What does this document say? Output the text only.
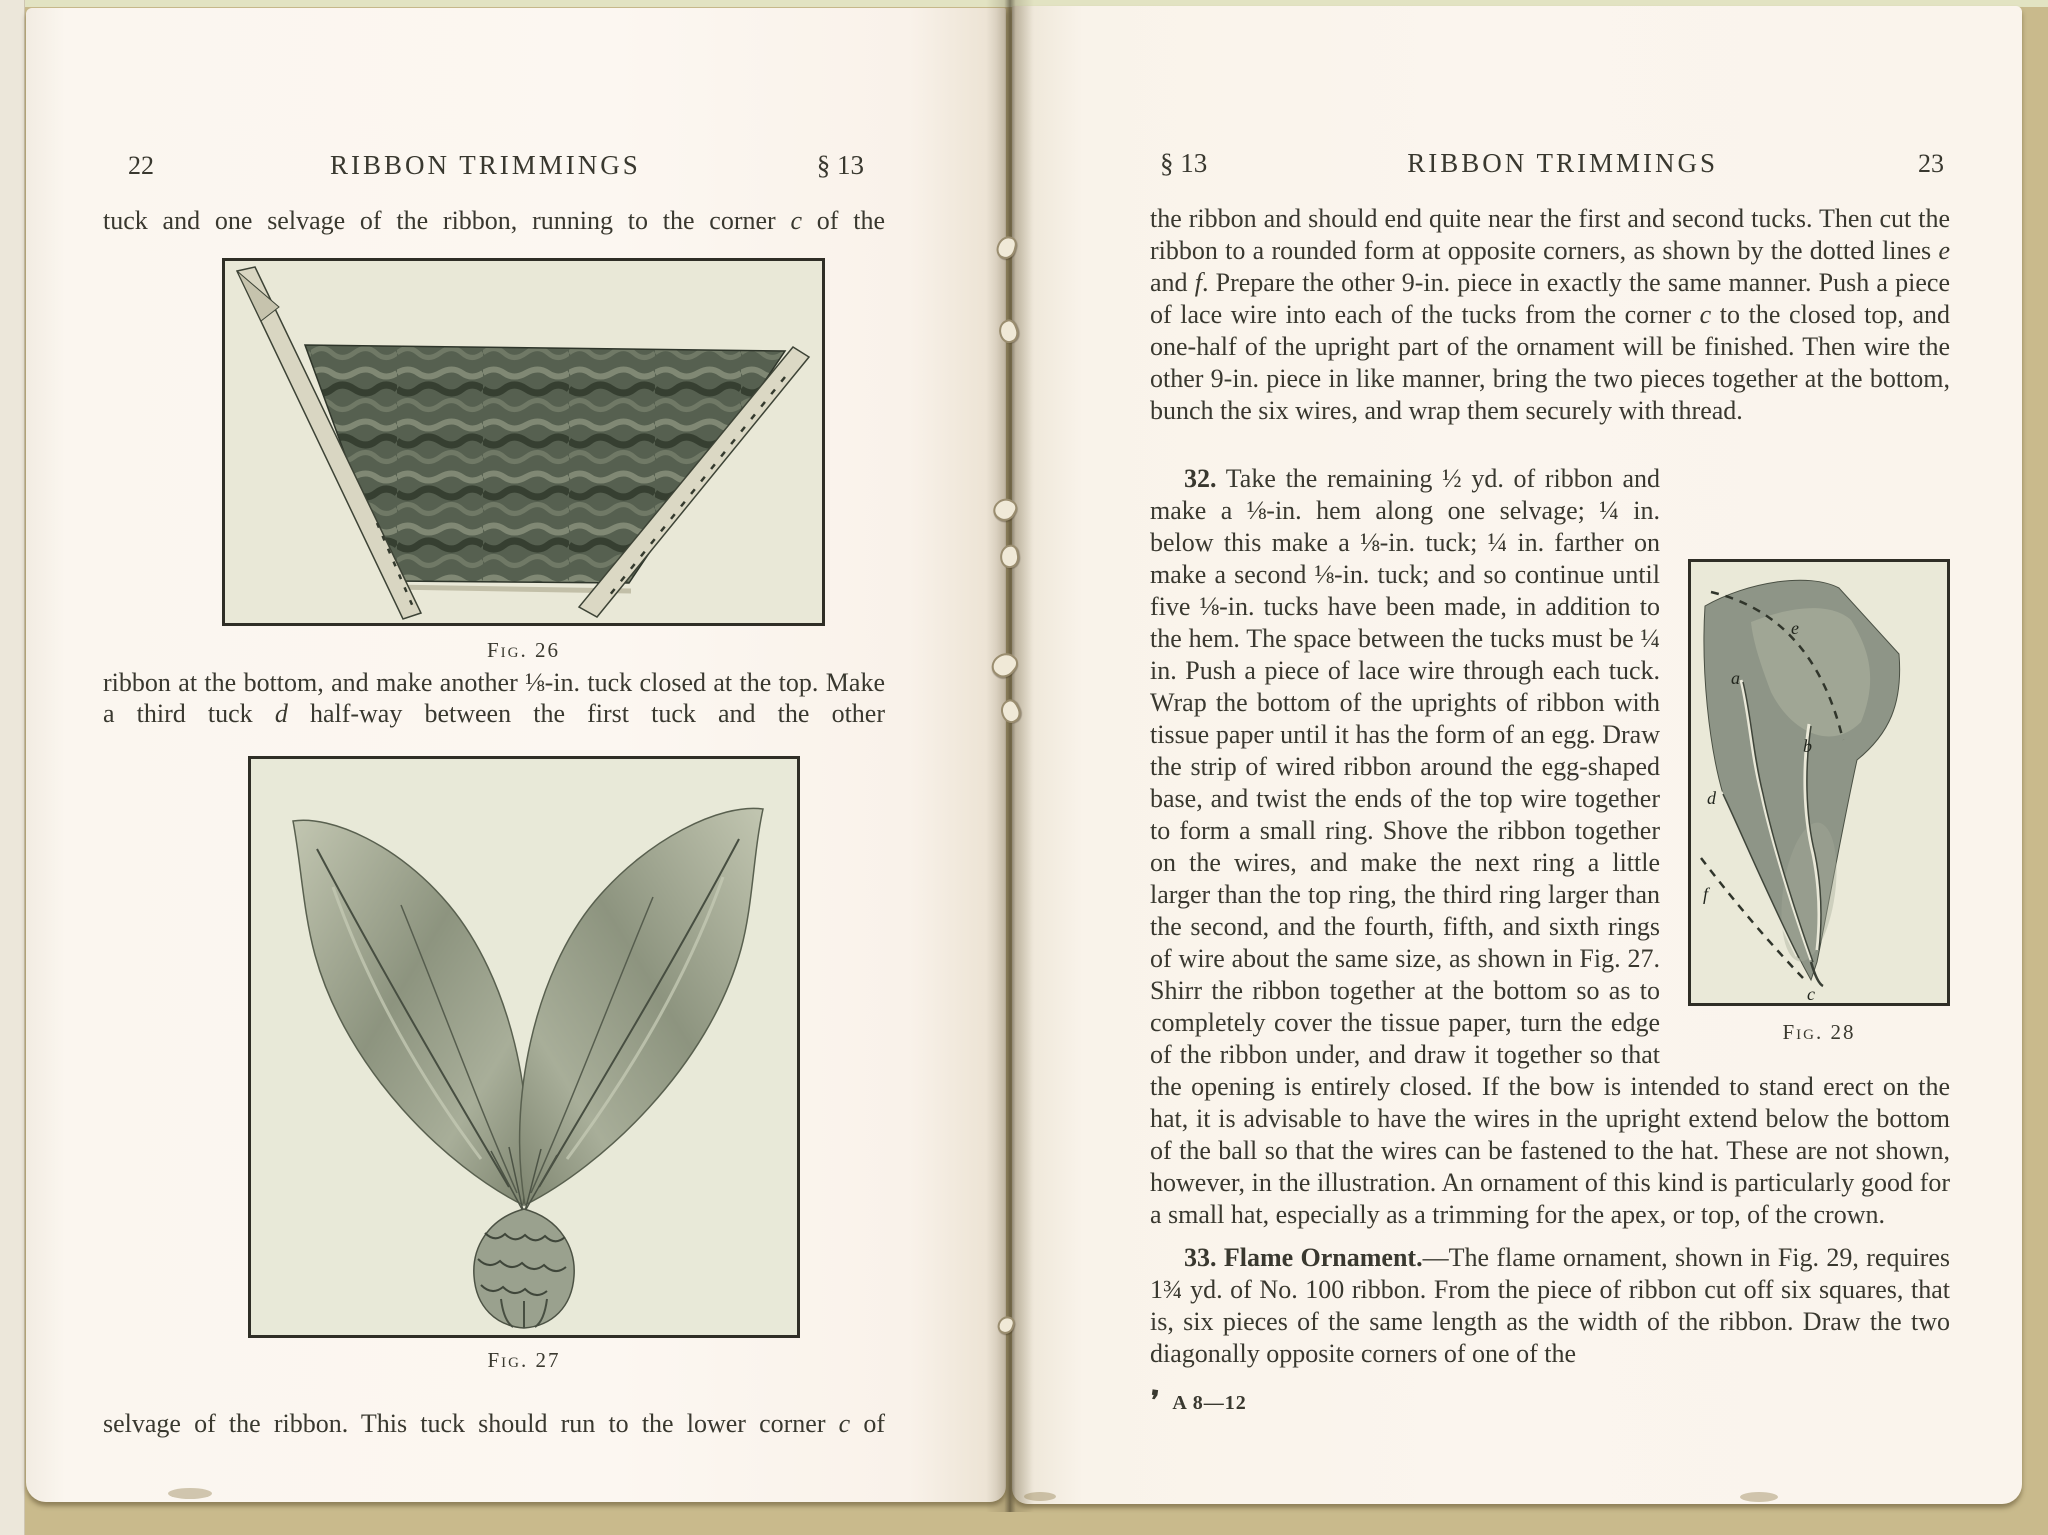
22	RIBBON TRIMMINGS	§ 13
tuck and one selvage of the ribbon, running to the corner c of the
Fig. 26
ribbon at the bottom, and make another ⅛-in. tuck closed at the top. Make a third tuck d half-way between the first tuck and the other
Fig. 27
selvage of the ribbon. This tuck should run to the lower corner c of
§ 13	RIBBON TRIMMINGS	23

the ribbon and should end quite near the first and second tucks. Then cut the ribbon to a rounded form at opposite corners, as shown by the dotted lines e and f. Prepare the other 9-in. piece in exactly the same manner. Push a piece of lace wire into each of the tucks from the corner c to the closed top, and one-half of the upright part of the ornament will be finished. Then wire the other 9-in. piece in like manner, bring the two pieces together at the bottom, bunch the six wires, and wrap them securely with thread.

e
a
b
d
f
c
Fig. 28

32. Take the remaining ½ yd. of ribbon and make a ⅛-in. hem along one selvage; ¼ in. below this make a ⅛-in. tuck; ¼ in. farther on make a second ⅛-in. tuck; and so continue until five ⅛-in. tucks have been made, in addition to the hem. The space between the tucks must be ¼ in. Push a piece of lace wire through each tuck. Wrap the bottom of the uprights of ribbon with tissue paper until it has the form of an egg. Draw the strip of wired ribbon around the egg-shaped base, and twist the ends of the top wire together to form a small ring. Shove the ribbon together on the wires, and make the next ring a little larger than the top ring, the third ring larger than the second, and the fourth, fifth, and sixth rings of wire about the same size, as shown in Fig. 27. Shirr the ribbon together at the bottom so as to completely cover the tissue paper, turn the edge of the ribbon under, and draw it together so that the opening is entirely closed. If the bow is intended to stand erect on the hat, it is advisable to have the wires in the upright extend below the bottom of the ball so that the wires can be fastened to the hat. These are not shown, however, in the illustration. An ornament of this kind is particularly good for a small hat, especially as a trimming for the apex, or top, of the crown.

33. Flame Ornament.—The flame ornament, shown in Fig. 29, requires 1¾ yd. of No. 100 ribbon. From the piece of ribbon cut off six squares, that is, six pieces of the same length as the width of the ribbon. Draw the two diagonally opposite corners of one of the

❜ A 8—12
